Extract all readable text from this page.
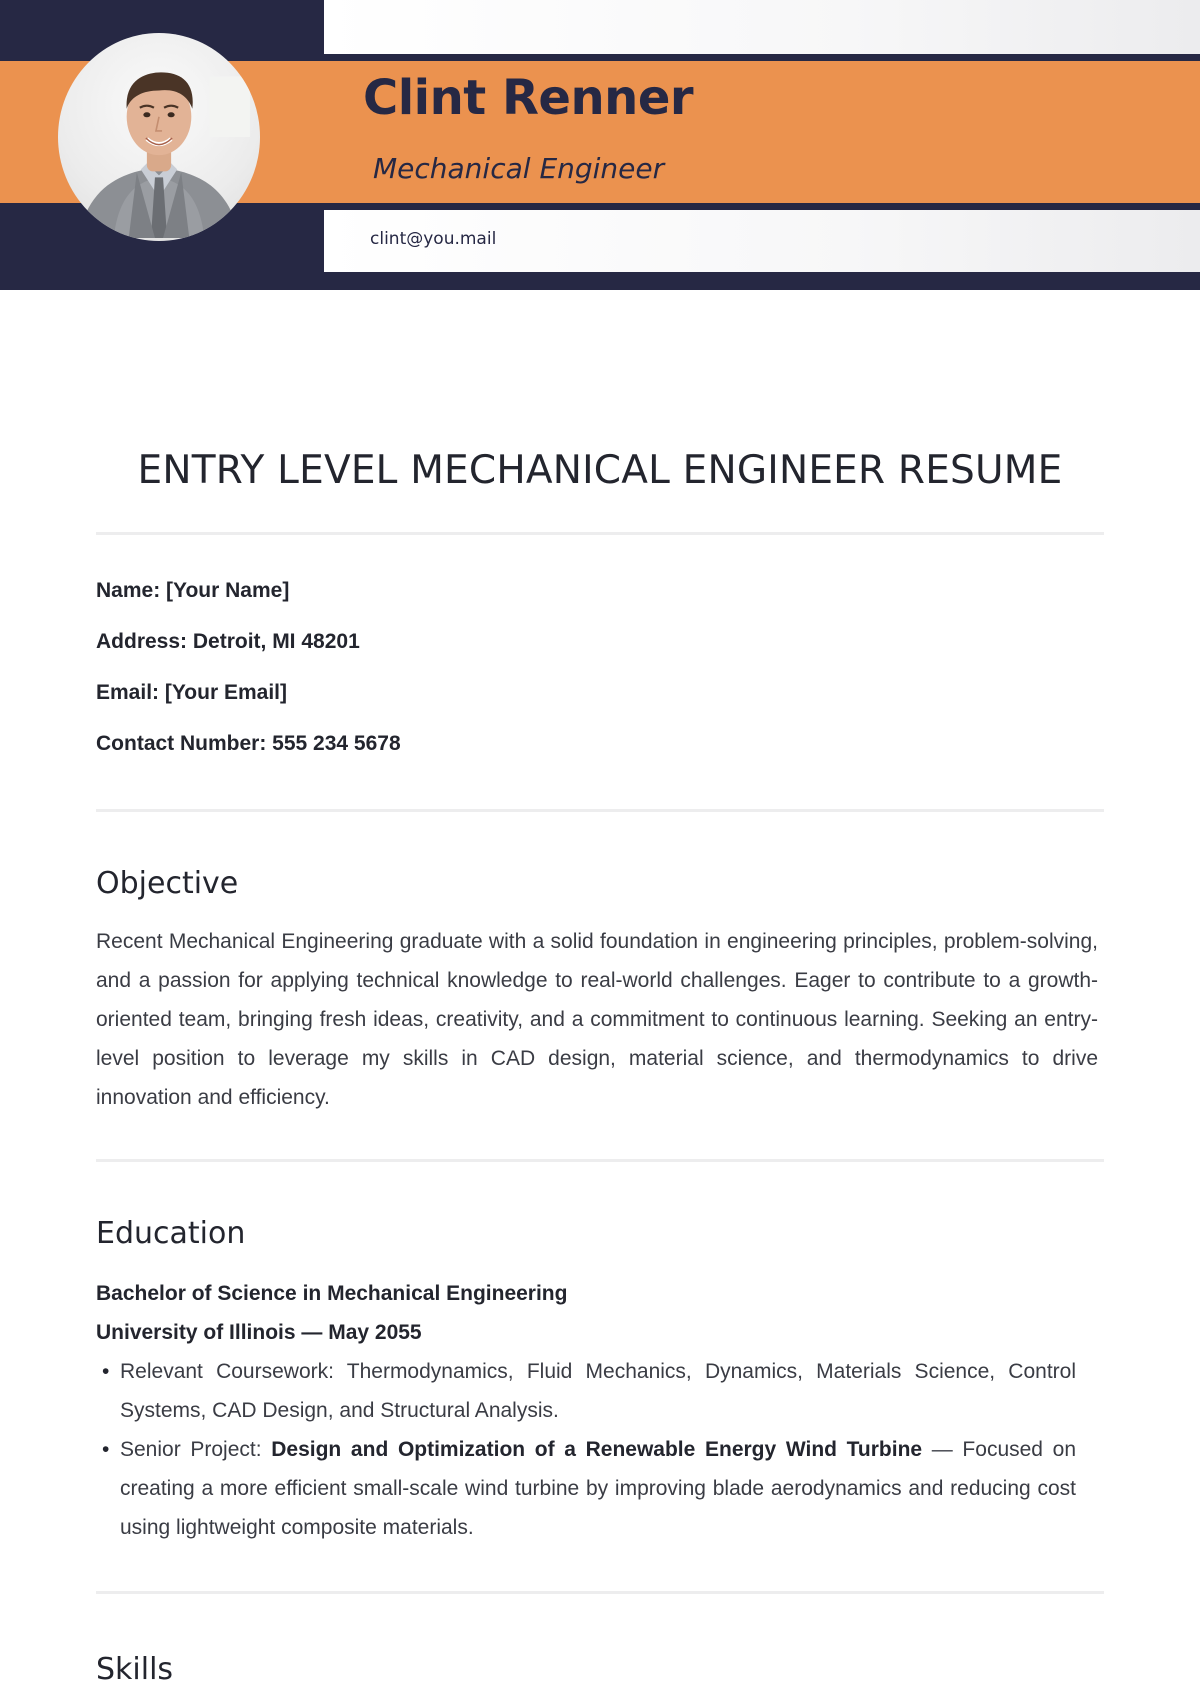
Clint Renner
Mechanical Engineer
clint@you.mail
ENTRY LEVEL MECHANICAL ENGINEER RESUME
Name: [Your Name]
Address: Detroit, MI 48201
Email: [Your Email]
Contact Number: 555 234 5678
Objective

Recent Mechanical Engineering graduate with a solid foundation in engineering principles, problem-solving, and a passion for applying technical knowledge to real-world challenges. Eager to contribute to a growth-oriented team, bringing fresh ideas, creativity, and a commitment to continuous learning. Seeking an entry-level position to leverage my skills in CAD design, material science, and thermodynamics to drive innovation and efficiency.

Education
Bachelor of Science in Mechanical Engineering
University of Illinois — May 2055
• Relevant Coursework: Thermodynamics, Fluid Mechanics, Dynamics, Materials Science, Control Systems, CAD Design, and Structural Analysis.
• Senior Project: Design and Optimization of a Renewable Energy Wind Turbine — Focused on creating a more efficient small-scale wind turbine by improving blade aerodynamics and reducing cost using lightweight composite materials.
Skills
